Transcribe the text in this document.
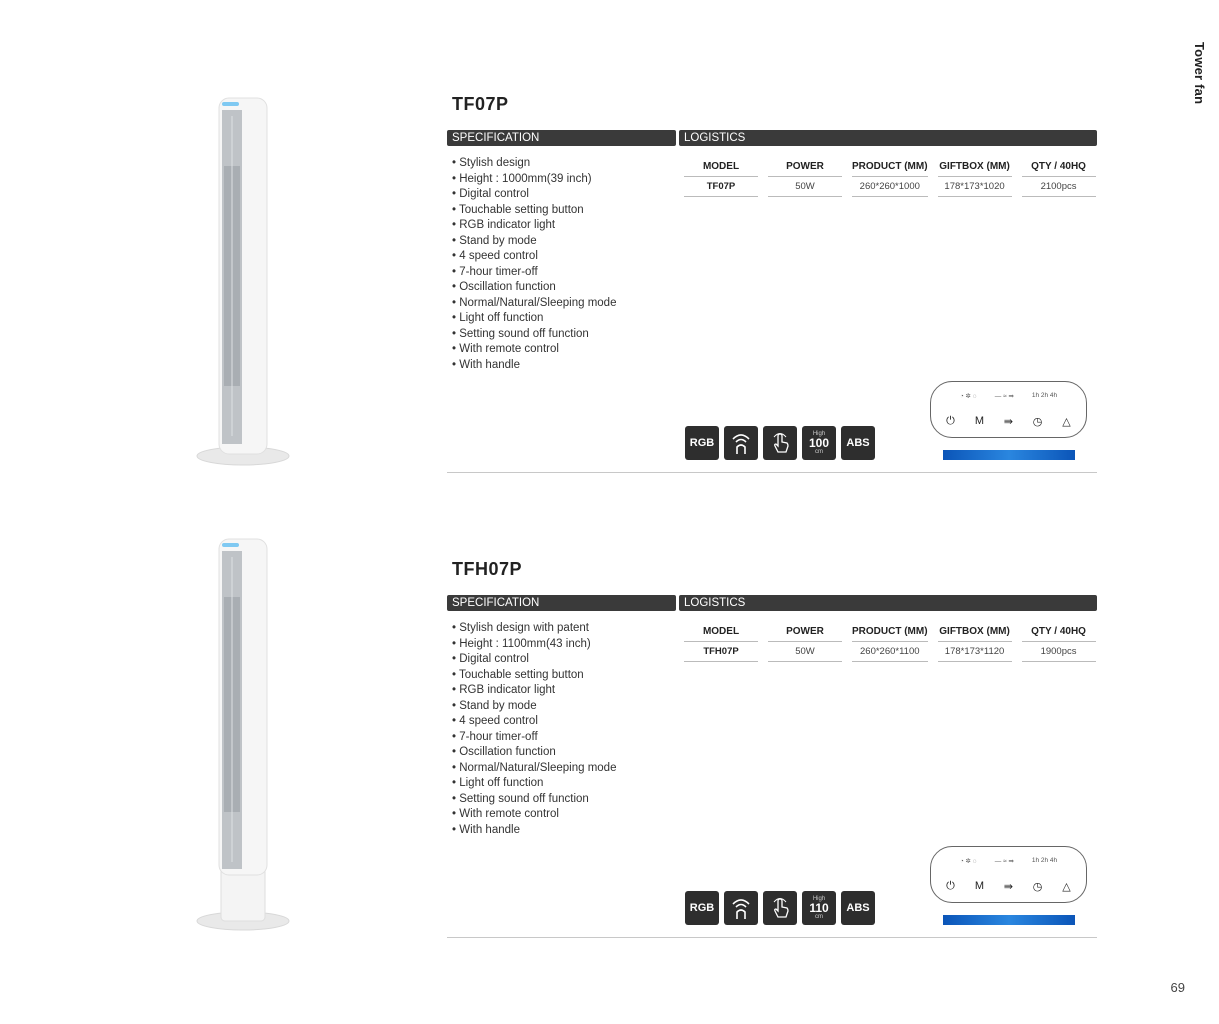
Tower fan
69
TF07P
SPECIFICATION	LOGISTICS
• Stylish design
• Height : 1000mm(39 inch)
• Digital control
• Touchable setting button
• RGB indicator light
• Stand by mode
• 4 speed control
• 7-hour timer-off
• Oscillation function
• Normal/Natural/Sleeping mode
• Light off function
• Setting sound off function
• With remote control
• With handle
MODEL	POWER	PRODUCT (MM)	GIFTBOX (MM)	QTY / 40HQ
TF07P	50W	260*260*1000	178*173*1020	2100pcs
RGB
High
100
cm
ABS
◔ ✲ ◌	— ≈ ⇛	1h 2h 4h
⏻ M ⇛ ◷ △
TFH07P
SPECIFICATION	LOGISTICS
• Stylish design with patent
• Height : 1100mm(43 inch)
• Digital control
• Touchable setting button
• RGB indicator light
• Stand by mode
• 4 speed control
• 7-hour timer-off
• Oscillation function
• Normal/Natural/Sleeping mode
• Light off function
• Setting sound off function
• With remote control
• With handle
MODEL	POWER	PRODUCT (MM)	GIFTBOX (MM)	QTY / 40HQ
TFH07P	50W	260*260*1100	178*173*1120	1900pcs
RGB
High
110
cm
ABS
◔ ✲ ◌	— ≈ ⇛	1h 2h 4h
⏻ M ⇛ ◷ △
